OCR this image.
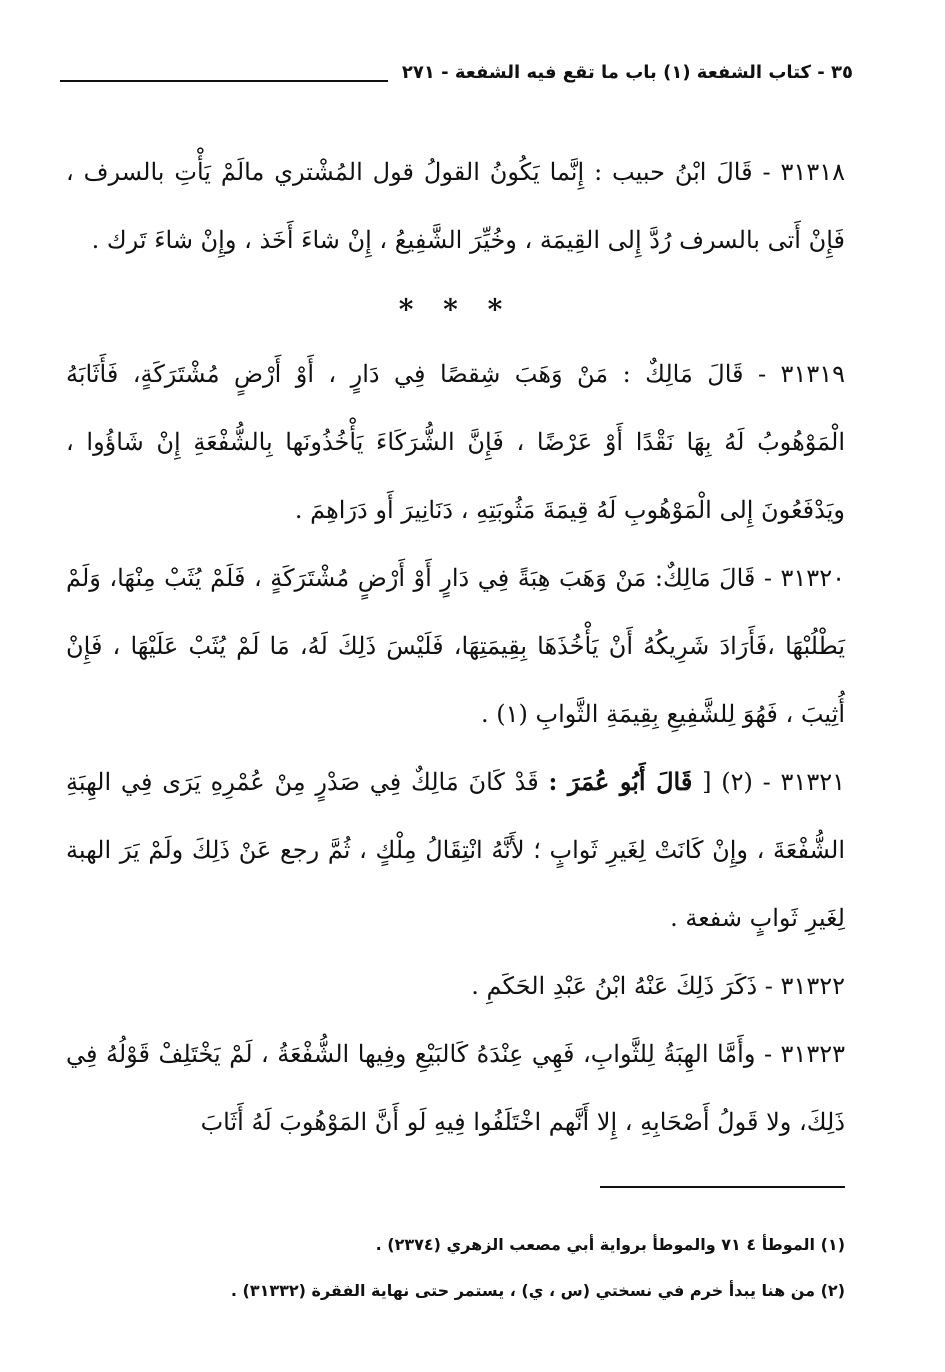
٣٥ - كتاب الشفعة (١) باب ما تقع فيه الشفعة - ٢٧١

٣١٣١٨ - قَالَ ابْنُ حبيب : إِنَّما يَكُونُ القولُ قول المُشْتري مالَمْ يَأْتِ بالسرف ، فَإِنْ أَتى بالسرف رُدَّ إِلى القِيمَة ، وخُيِّرَ الشَّفِيعُ ، إِنْ شاءَ أَخَذ ، وإِنْ شاءَ تَرك .

* * *

٣١٣١٩ - قَالَ مَالِكٌ : مَنْ وَهَبَ شِقصًا فِي دَارٍ ، أَوْ أَرْضٍ مُشْتَرَكَةٍ، فَأَثَابَهُ الْمَوْهُوبُ لَهُ بِهَا نَقْدًا أَوْ عَرْضًا ، فَإِنَّ الشُّرَكَاءَ يَأْخُذُونَها بِالشُّفْعَةِ إِنْ شَاؤُوا ، ويَدْفَعُونَ إِلى الْمَوْهُوبِ لَهُ قِيمَةَ مَثُوبَتِهِ ، دَنَانِيرَ أَو دَرَاهِمَ .

٣١٣٢٠ - قَالَ مَالِكٌ: مَنْ وَهَبَ هِبَةً فِي دَارٍ أَوْ أَرْضٍ مُشْتَرَكَةٍ ، فَلَمْ يُثَبْ مِنْهَا، وَلَمْ يَطْلُبْهَا ،فَأَرَادَ شَرِيكُهُ أَنْ يَأْخُذَهَا بِقِيمَتِهَا، فَلَيْسَ ذَلِكَ لَهُ، مَا لَمْ يُثَبْ عَلَيْهَا ، فَإِنْ أُثِيبَ ، فَهُوَ لِلشَّفِيعِ بِقِيمَةِ الثَّوابِ (١) .

٣١٣٢١ - (٢) [ قَالَ أَبُو عُمَرَ : قَدْ كَانَ مَالِكٌ فِي صَدْرٍ مِنْ عُمْرِهِ يَرَى فِي الهِبَةِ الشُّفْعَةَ ، وإِنْ كَانَتْ لِغَيرِ ثَوابٍ ؛ لأَنَّهُ انْتِقَالُ مِلْكٍ ، ثُمَّ رجع عَنْ ذَلِكَ ولَمْ يَرَ الهبة لِغَيرِ ثَوابٍ شفعة .

٣١٣٢٢ - ذَكَرَ ذَلِكَ عَنْهُ ابْنُ عَبْدِ الحَكَمِ .

٣١٣٢٣ - وأَمَّا الهِبَةُ لِلثَّوابِ، فَهِي عِنْدَهُ كَالبَيْعِ وفِيها الشُّفْعَةُ ، لَمْ يَخْتَلِفْ قَوْلُهُ فِي ذَلِكَ، ولا قَولُ أَصْحَابِهِ ، إِلا أَنَّهم اخْتَلَفُوا فِيهِ لَو أَنَّ المَوْهُوبَ لَهُ أَثَابَ

(١) الموطأ ٤ ٧١ والموطأ برواية أبي مصعب الزهري (٢٣٧٤) .

(٢) من هنا يبدأ خرم في نسختي (س ، ي) ، يستمر حتى نهاية الفقرة (٣١٣٣٢) .
